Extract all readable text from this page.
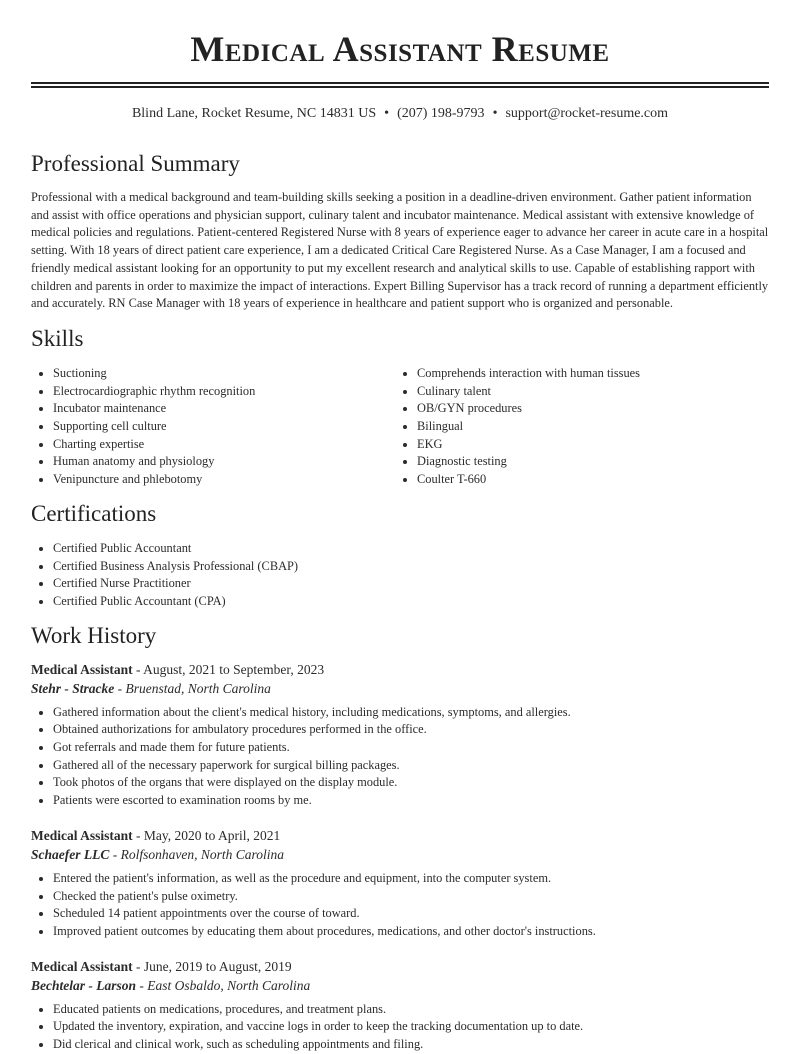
Medical Assistant Resume
Blind Lane, Rocket Resume, NC 14831 US • (207) 198-9793 • support@rocket-resume.com
Professional Summary
Professional with a medical background and team-building skills seeking a position in a deadline-driven environment. Gather patient information and assist with office operations and physician support, culinary talent and incubator maintenance. Medical assistant with extensive knowledge of medical policies and regulations. Patient-centered Registered Nurse with 8 years of experience eager to advance her career in acute care in a hospital setting. With 18 years of direct patient care experience, I am a dedicated Critical Care Registered Nurse. As a Case Manager, I am a focused and friendly medical assistant looking for an opportunity to put my excellent research and analytical skills to use. Capable of establishing rapport with children and parents in order to maximize the impact of interactions. Expert Billing Supervisor has a track record of running a department efficiently and accurately. RN Case Manager with 18 years of experience in healthcare and patient support who is organized and personable.
Skills
• Suctioning
• Electrocardiographic rhythm recognition
• Incubator maintenance
• Supporting cell culture
• Charting expertise
• Human anatomy and physiology
• Venipuncture and phlebotomy
• Comprehends interaction with human tissues
• Culinary talent
• OB/GYN procedures
• Bilingual
• EKG
• Diagnostic testing
• Coulter T-660
Certifications
• Certified Public Accountant
• Certified Business Analysis Professional (CBAP)
• Certified Nurse Practitioner
• Certified Public Accountant (CPA)
Work History
Medical Assistant - August, 2021 to September, 2023
Stehr - Stracke - Bruenstad, North Carolina
• Gathered information about the client's medical history, including medications, symptoms, and allergies.
• Obtained authorizations for ambulatory procedures performed in the office.
• Got referrals and made them for future patients.
• Gathered all of the necessary paperwork for surgical billing packages.
• Took photos of the organs that were displayed on the display module.
• Patients were escorted to examination rooms by me.
Medical Assistant - May, 2020 to April, 2021
Schaefer LLC - Rolfsonhaven, North Carolina
• Entered the patient's information, as well as the procedure and equipment, into the computer system.
• Checked the patient's pulse oximetry.
• Scheduled 14 patient appointments over the course of toward.
• Improved patient outcomes by educating them about procedures, medications, and other doctor's instructions.
Medical Assistant - June, 2019 to August, 2019
Bechtelar - Larson - East Osbaldo, North Carolina
• Educated patients on medications, procedures, and treatment plans.
• Updated the inventory, expiration, and vaccine logs in order to keep the tracking documentation up to date.
• Did clerical and clinical work, such as scheduling appointments and filing.
